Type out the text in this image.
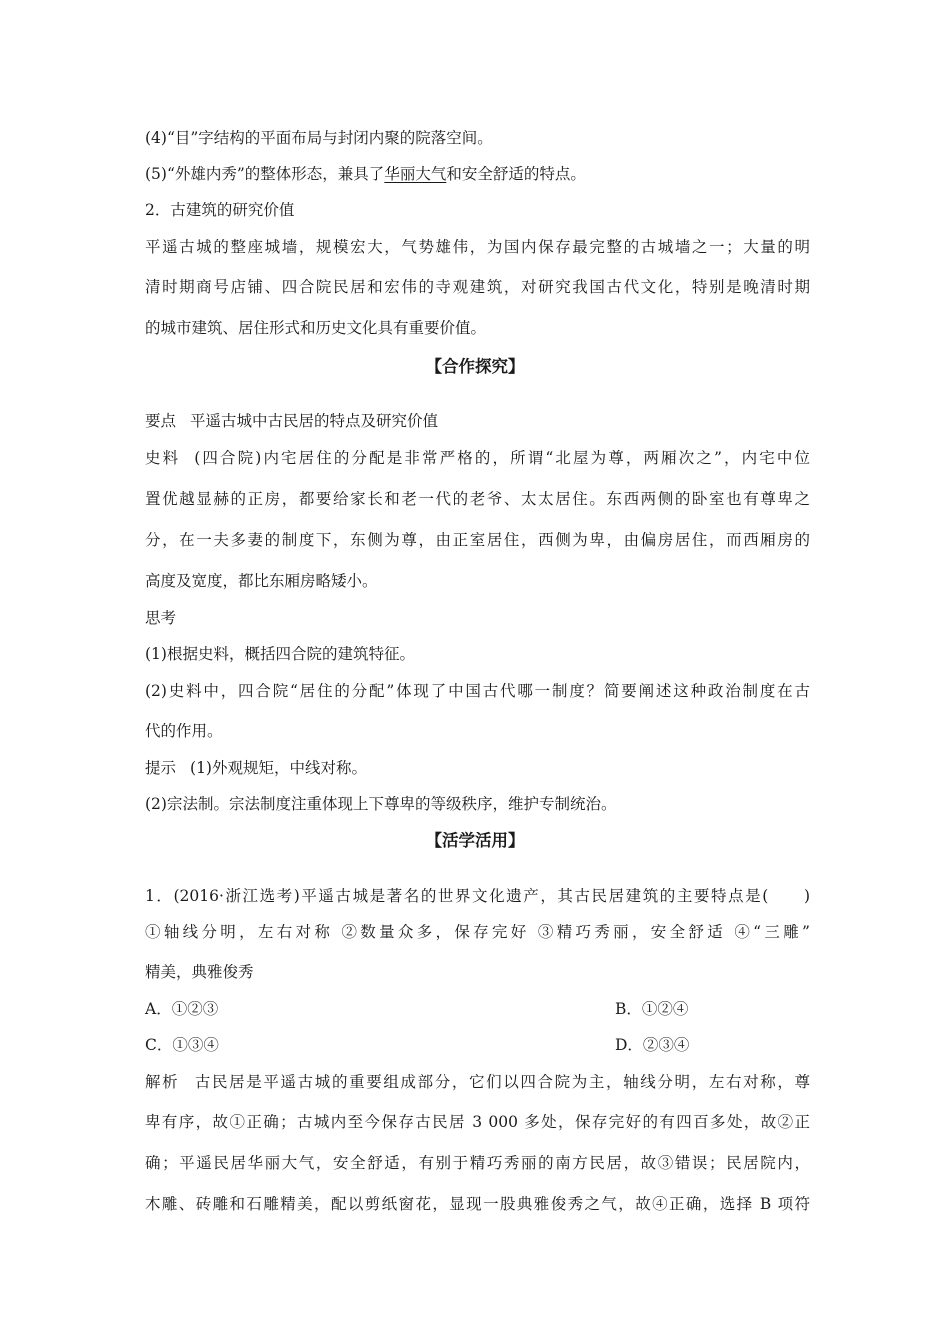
(4)“目”字结构的平面布局与封闭内聚的院落空间。
(5)“外雄内秀”的整体形态，兼具了华丽大气和安全舒适的特点。
2．古建筑的研究价值
平遥古城的整座城墙，规模宏大，气势雄伟，为国内保存最完整的古城墙之一；大量的明
清时期商号店铺、四合院民居和宏伟的寺观建筑，对研究我国古代文化，特别是晚清时期
的城市建筑、居住形式和历史文化具有重要价值。
【合作探究】
要点 平遥古城中古民居的特点及研究价值
史料 (四合院)内宅居住的分配是非常严格的，所谓“北屋为尊，两厢次之”，内宅中位
置优越显赫的正房，都要给家长和老一代的老爷、太太居住。东西两侧的卧室也有尊卑之
分，在一夫多妻的制度下，东侧为尊，由正室居住，西侧为卑，由偏房居住，而西厢房的
高度及宽度，都比东厢房略矮小。
思考
(1)根据史料，概括四合院的建筑特征。
(2)史料中，四合院“居住的分配”体现了中国古代哪一制度？简要阐述这种政治制度在古
代的作用。
提示 (1)外观规矩，中线对称。
(2)宗法制。宗法制度注重体现上下尊卑的等级秩序，维护专制统治。
【活学活用】
1．(2016·浙江选考)平遥古城是著名的世界文化遗产，其古民居建筑的主要特点是(　　)
①轴线分明，左右对称 ②数量众多，保存完好 ③精巧秀丽，安全舒适 ④“三雕”
精美，典雅俊秀
A．①②③	B．①②④
C．①③④	D．②③④
解析 古民居是平遥古城的重要组成部分，它们以四合院为主，轴线分明，左右对称，尊
卑有序，故①正确；古城内至今保存古民居 3 000 多处，保存完好的有四百多处，故②正
确；平遥民居华丽大气，安全舒适，有别于精巧秀丽的南方民居，故③错误；民居院内，
木雕、砖雕和石雕精美，配以剪纸窗花，显现一股典雅俊秀之气，故④正确，选择 B 项符
